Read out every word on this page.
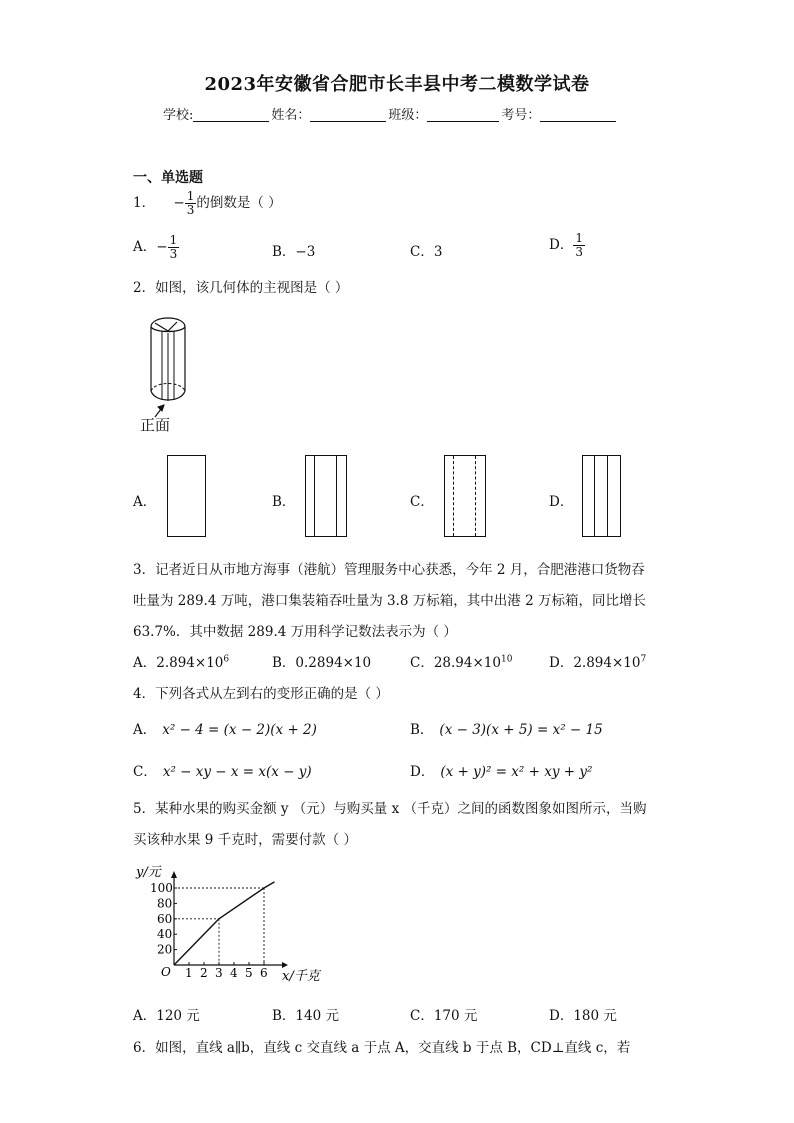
2023年安徽省合肥市长丰县中考二模数学试卷
学校:	姓名：	班级：	考号：
一、单选题
1． − $\frac{1}{3}$ 的倒数是（ ）
A．− $\frac{1}{3}$	B．−3	C．3	D． $\frac{1}{3}$
2．如图，该几何体的主视图是（ ）
正面
A．	B．	C．	D．
3．记者近日从市地方海事（港航）管理服务中心获悉，今年 2 月，合肥港港口货物吞
吐量为 289.4 万吨，港口集装箱吞吐量为 3.8 万标箱，其中出港 2 万标箱，同比增长
63.7%．其中数据 289.4 万用科学记数法表示为（ ）
A．$2.894\times 10^6$	B．0.2894×10	C．$28.94\times 10^{10}$	D．$2.894\times 10^7$
4．下列各式从左到右的变形正确的是（ ）
A． x² − 4 = (x − 2)(x + 2)	B． (x − 3)(x + 5) = x² − 15
C． x² − xy − x = x(x − y)	D． (x + y)² = x² + xy + y²
5．某种水果的购买金额 y （元）与购买量 x （千克）之间的函数图象如图所示，当购
买该种水果 9 千克时，需要付款（ ）
y/元
x/千克
O 1 2 3 4 5 6
20
40
60
80
100
A．120 元	B．140 元	C．170 元	D．180 元
6．如图，直线 a∥b，直线 c 交直线 a 于点 A，交直线 b 于点 B，CD⊥直线 c，若
